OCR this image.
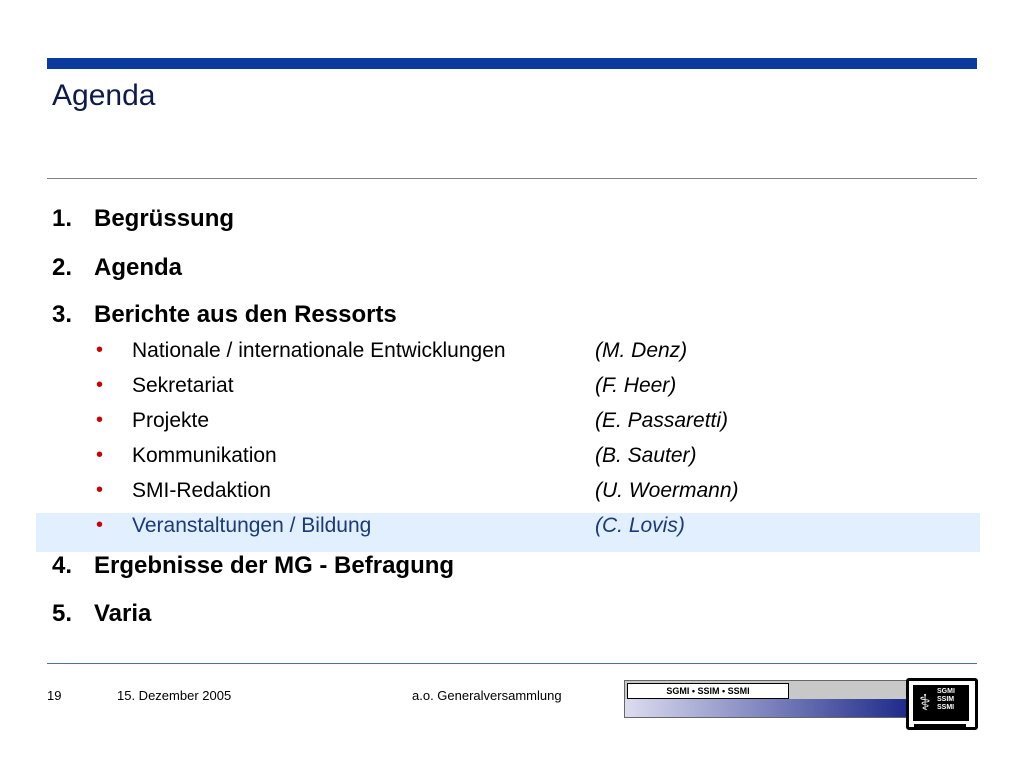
Agenda
1. Begrüssung
2. Agenda
3. Berichte aus den Ressorts
• Nationale / internationale Entwicklungen	(M. Denz)
• Sekretariat	(F. Heer)
• Projekte	(E. Passaretti)
• Kommunikation	(B. Sauter)
• SMI-Redaktion	(U. Woermann)
• Veranstaltungen / Bildung	(C. Lovis)
4. Ergebnisse der MG - Befragung
5. Varia
19	15. Dezember 2005	a.o. Generalversammlung	SGMI • SSIM • SSMI	⚕ SGMI
SSIM
SSMI
